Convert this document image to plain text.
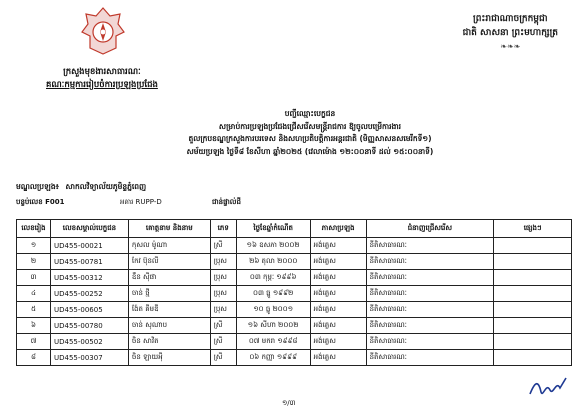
ព្រះរាជាណាចក្រកម្ពុជា
ជាតិ សាសនា ព្រះមហាក្សត្រ
❧❧❧
ក្រសួងមុខងារសាធារណៈ
គណៈកម្មការរៀបចំការប្រឡងប្រជែង
បញ្ជីឈ្មោះបេក្ខជន
សម្រាប់ការប្រឡងប្រជែងជ្រើសរើសមន្ត្រីរាជការ ឱ្យចូលបម្រើការងារ
តួលក្របខណ្ឌក្រសួងការបរទេស និងសហប្រតិបត្តិការអន្តរជាតិ (មិញ្ញសាសនសមេរីកទី១)
សម័យប្រឡង ថ្ងៃទី៨ ខែសីហា ឆ្នាំ២០២៥ (វេលាម៉ោង ១២:០០នាទី ដល់ ១៥:០០នាទី)
មណ្ឌលប្រឡង៖ សាកលវិទ្យាល័យភូមិន្ទភ្នំពេញ
បន្ទប់លេខ F001	អគារ RUPP-D	ជាន់ផ្ទាល់ដី
លេខរៀង	លេខសម្គាល់បេក្ខជន	គោត្តនាម និងនាម	ភេទ	ថ្ងៃខែឆ្នាំកំណើត	ភាសាប្រឡង	ជំនាញជ្រើសរើស	ផ្សេងៗ
១	UD455-00021	កុសល ម៉ូណា	ស្រី	១៦ ឧសភា ២០០២	អង់គ្លេស	នីតិសាធារណៈ	
២	UD455-00781	កែវ ប៊ុនលី	ប្រុស	២៦ តុលា ២០០០	អង់គ្លេស	នីតិសាធារណៈ	
៣	UD455-00312	ឧឹន សុីផា	ប្រុស	០៣ កុម្ភៈ ១៩៩៦	អង់គ្លេស	នីតិសាធារណៈ	
៤	UD455-00252	ចាន់ ថ្មី	ប្រុស	០៣ ធ្នូ ១៩៩២	អង់គ្លេស	នីតិសាធារណៈ	
៥	UD455-00605	ង៉ែត គីមឌី	ប្រុស	១០ ធ្នូ ២០០១	អង់គ្លេស	នីតិសាធារណៈ	
៦	UD455-00780	ចាន់ សុណាប	ស្រី	១៦ សីហា ២០០២	អង់គ្លេស	នីតិសាធារណៈ	
៧	UD455-00502	ចិន សាវិត	ស្រី	០៧ មករា ១៩៩៨	អង់គ្លេស	នីតិសាធារណៈ	
៨	UD455-00307	ចិន ឡាយអុី	ស្រី	០៦ កញ្ញា ១៩៩៩	អង់គ្លេស	នីតិសាធារណៈ	
១/៣
